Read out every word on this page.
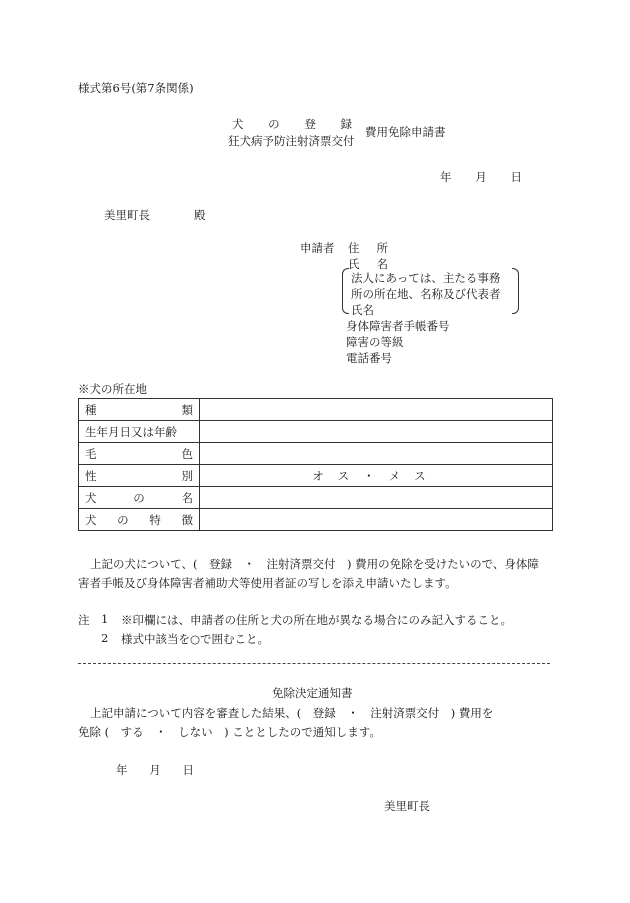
様式第6号(第7条関係)
犬 の 登 録
狂犬病予防注射済票交付
費用免除申請書
年 月 日
美里町長	殿
申請者 住 所
氏 名
法人にあっては、主たる事務
所の所在地、名称及び代表者
氏名
身体障害者手帳番号
障害の等級
電話番号
※犬の所在地
種 類	

生年月日又は年齢	

毛 色	

性 別	オス・メス

犬 の 名	

犬 の 特 徴	

上記の犬について、(　登録　・　注射済票交付　) 費用の免除を受けたいので、身体障
害者手帳及び身体障害者補助犬等使用者証の写しを添え申請いたします。
注 1 ※印欄には、申請者の住所と犬の所在地が異なる場合にのみ記入すること。
2 様式中該当を○で囲むこと。
免除決定通知書
上記申請について内容を審査した結果、(　登録　・　注射済票交付　) 費用を
免除 (　する　・　しない　) こととしたので通知します。
年 月 日
美里町長
